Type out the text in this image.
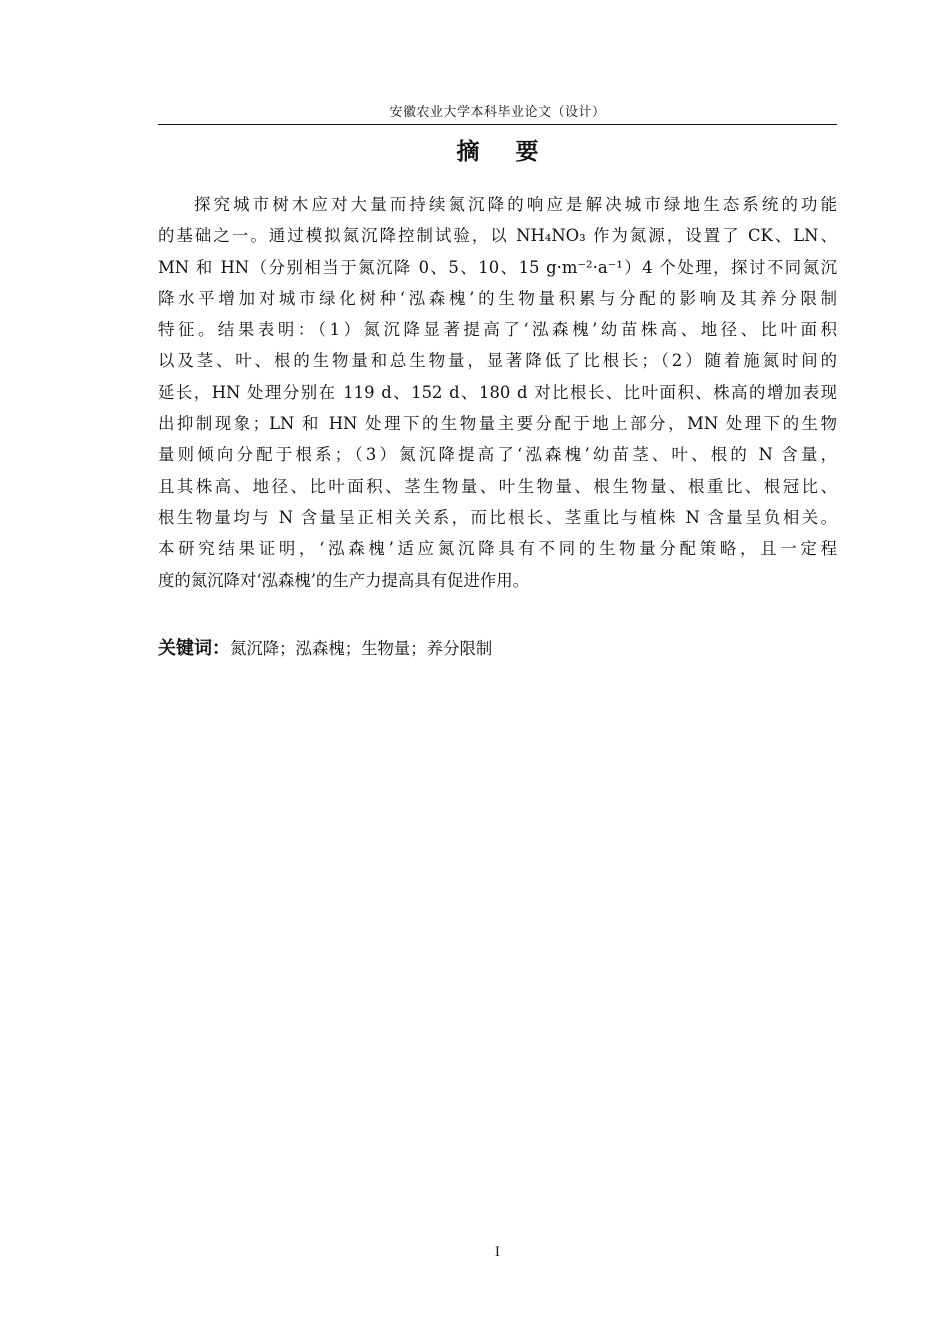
安徽农业大学本科毕业论文（设计）
摘 要
探究城市树木应对大量而持续氮沉降的响应是解决城市绿地生态系统的功能
的基础之一。通过模拟氮沉降控制试验，以 NH₄NO₃ 作为氮源，设置了 CK、LN、
MN 和 HN（分别相当于氮沉降 0、5、10、15 g·m⁻²·a⁻¹）4 个处理，探讨不同氮沉
降水平增加对城市绿化树种‘泓森槐’的生物量积累与分配的影响及其养分限制
特征。结果表明：（1）氮沉降显著提高了‘泓森槐’幼苗株高、地径、比叶面积
以及茎、叶、根的生物量和总生物量，显著降低了比根长；（2）随着施氮时间的
延长，HN 处理分别在 119 d、152 d、180 d 对比根长、比叶面积、株高的增加表现
出抑制现象；LN 和 HN 处理下的生物量主要分配于地上部分，MN 处理下的生物
量则倾向分配于根系；（3）氮沉降提高了‘泓森槐’幼苗茎、叶、根的 N 含量，
且其株高、地径、比叶面积、茎生物量、叶生物量、根生物量、根重比、根冠比、
根生物量均与 N 含量呈正相关关系，而比根长、茎重比与植株 N 含量呈负相关。
本研究结果证明，‘泓森槐’适应氮沉降具有不同的生物量分配策略，且一定程
度的氮沉降对‘泓森槐’的生产力提高具有促进作用。
关键词：氮沉降；泓森槐；生物量；养分限制
I
